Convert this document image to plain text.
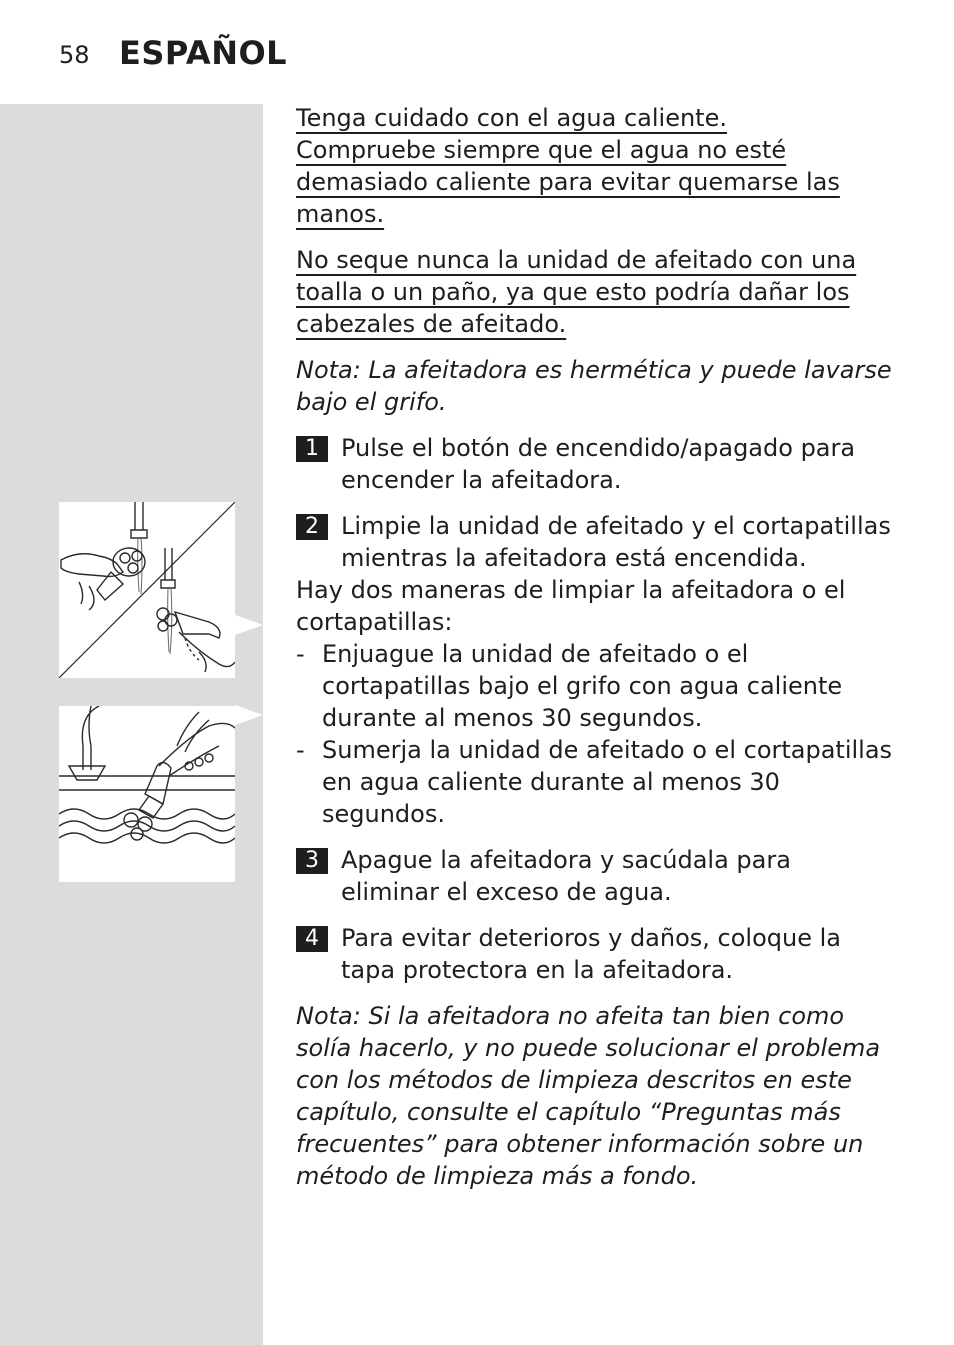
58 ESPAÑOL

Tenga cuidado con el agua caliente. Compruebe siempre que el agua no esté demasiado caliente para evitar quemarse las manos.

No seque nunca la unidad de afeitado con una toalla o un paño, ya que esto podría dañar los cabezales de afeitado.

Nota: La afeitadora es hermética y puede lavarse bajo el grifo.

1 Pulse el botón de encendido/apagado para encender la afeitadora.
2 Limpie la unidad de afeitado y el cortapatillas mientras la afeitadora está encendida.

Hay dos maneras de limpiar la afeitadora o el cortapatillas:

- Enjuague la unidad de afeitado o el cortapatillas bajo el grifo con agua caliente durante al menos 30 segundos.
- Sumerja la unidad de afeitado o el cortapatillas en agua caliente durante al menos 30 segundos.
3 Apague la afeitadora y sacúdala para eliminar el exceso de agua.
4 Para evitar deterioros y daños, coloque la tapa protectora en la afeitadora.

Nota: Si la afeitadora no afeita tan bien como solía hacerlo, y no puede solucionar el problema con los métodos de limpieza descritos en este capítulo, consulte el capítulo “Preguntas más frecuentes” para obtener información sobre un método de limpieza más a fondo.
